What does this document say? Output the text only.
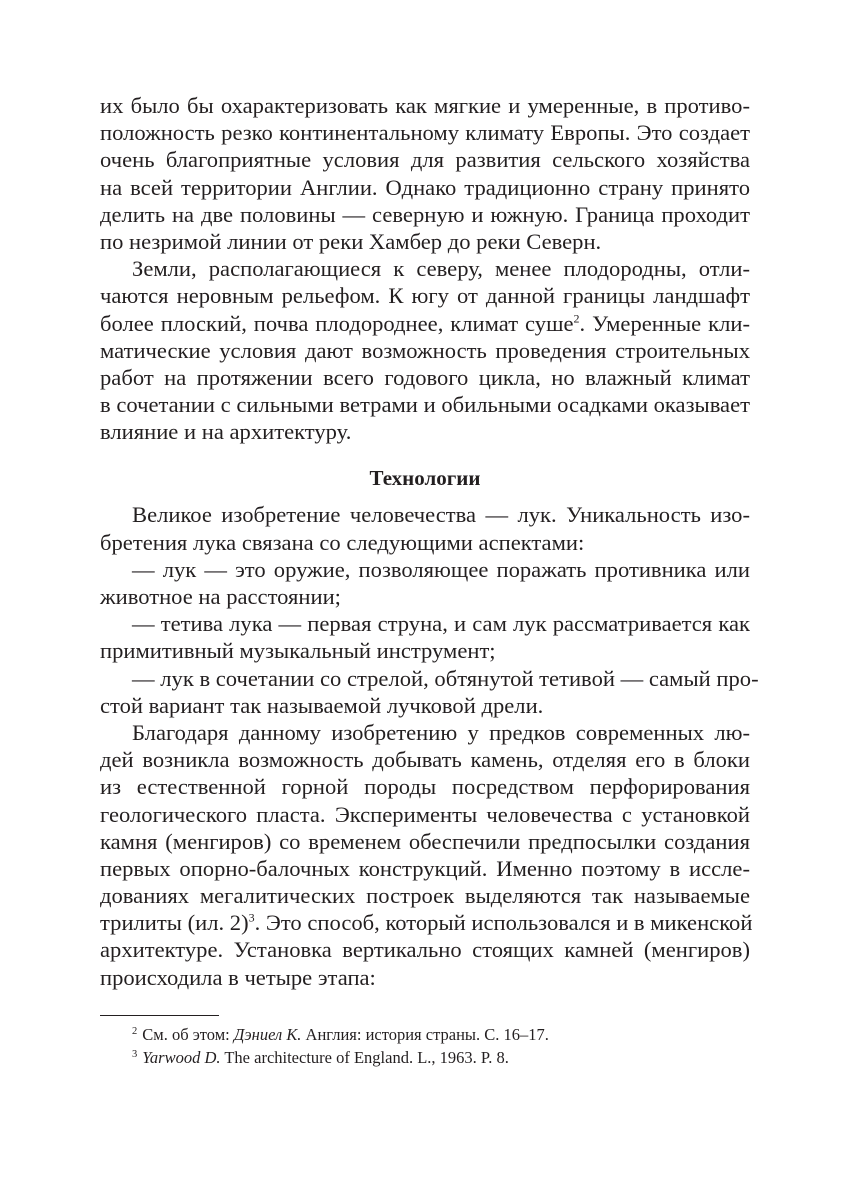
их было бы охарактеризовать как мягкие и умеренные, в противо-
положность резко континентальному климату Европы. Это создает
очень благоприятные условия для развития сельского хозяйства
на всей территории Англии. Однако традиционно страну принято
делить на две половины — северную и южную. Граница проходит
по незримой линии от реки Хамбер до реки Северн.
Земли, располагающиеся к северу, менее плодородны, отли-
чаются неровным рельефом. К югу от данной границы ландшафт
более плоский, почва плодороднее, климат суше$^2$. Умеренные кли-
матические условия дают возможность проведения строительных
работ на протяжении всего годового цикла, но влажный климат
в сочетании с сильными ветрами и обильными осадками оказывает
влияние и на архитектуру.
Технологии
Великое изобретение человечества — лук. Уникальность изо-
бретения лука связана со следующими аспектами:
— лук — это оружие, позволяющее поражать противника или
животное на расстоянии;
— тетива лука — первая струна, и сам лук рассматривается как
примитивный музыкальный инструмент;
— лук в сочетании со стрелой, обтянутой тетивой — самый про-
стой вариант так называемой лучковой дрели.
Благодаря данному изобретению у предков современных лю-
дей возникла возможность добывать камень, отделяя его в блоки
из естественной горной породы посредством перфорирования
геологического пласта. Эксперименты человечества с установкой
камня (менгиров) со временем обеспечили предпосылки создания
первых опорно-балочных конструкций. Именно поэтому в иссле-
дованиях мегалитических построек выделяются так называемые
трилиты (ил. 2)$^3$. Это способ, который использовался и в микенской
архитектуре. Установка вертикально стоящих камней (менгиров)
происходила в четыре этапа:
$^2$ См. об этом: Дэниел К. Англия: история страны. С. 16–17.
$^3$ Yarwood D. The architecture of England. L., 1963. P. 8.
